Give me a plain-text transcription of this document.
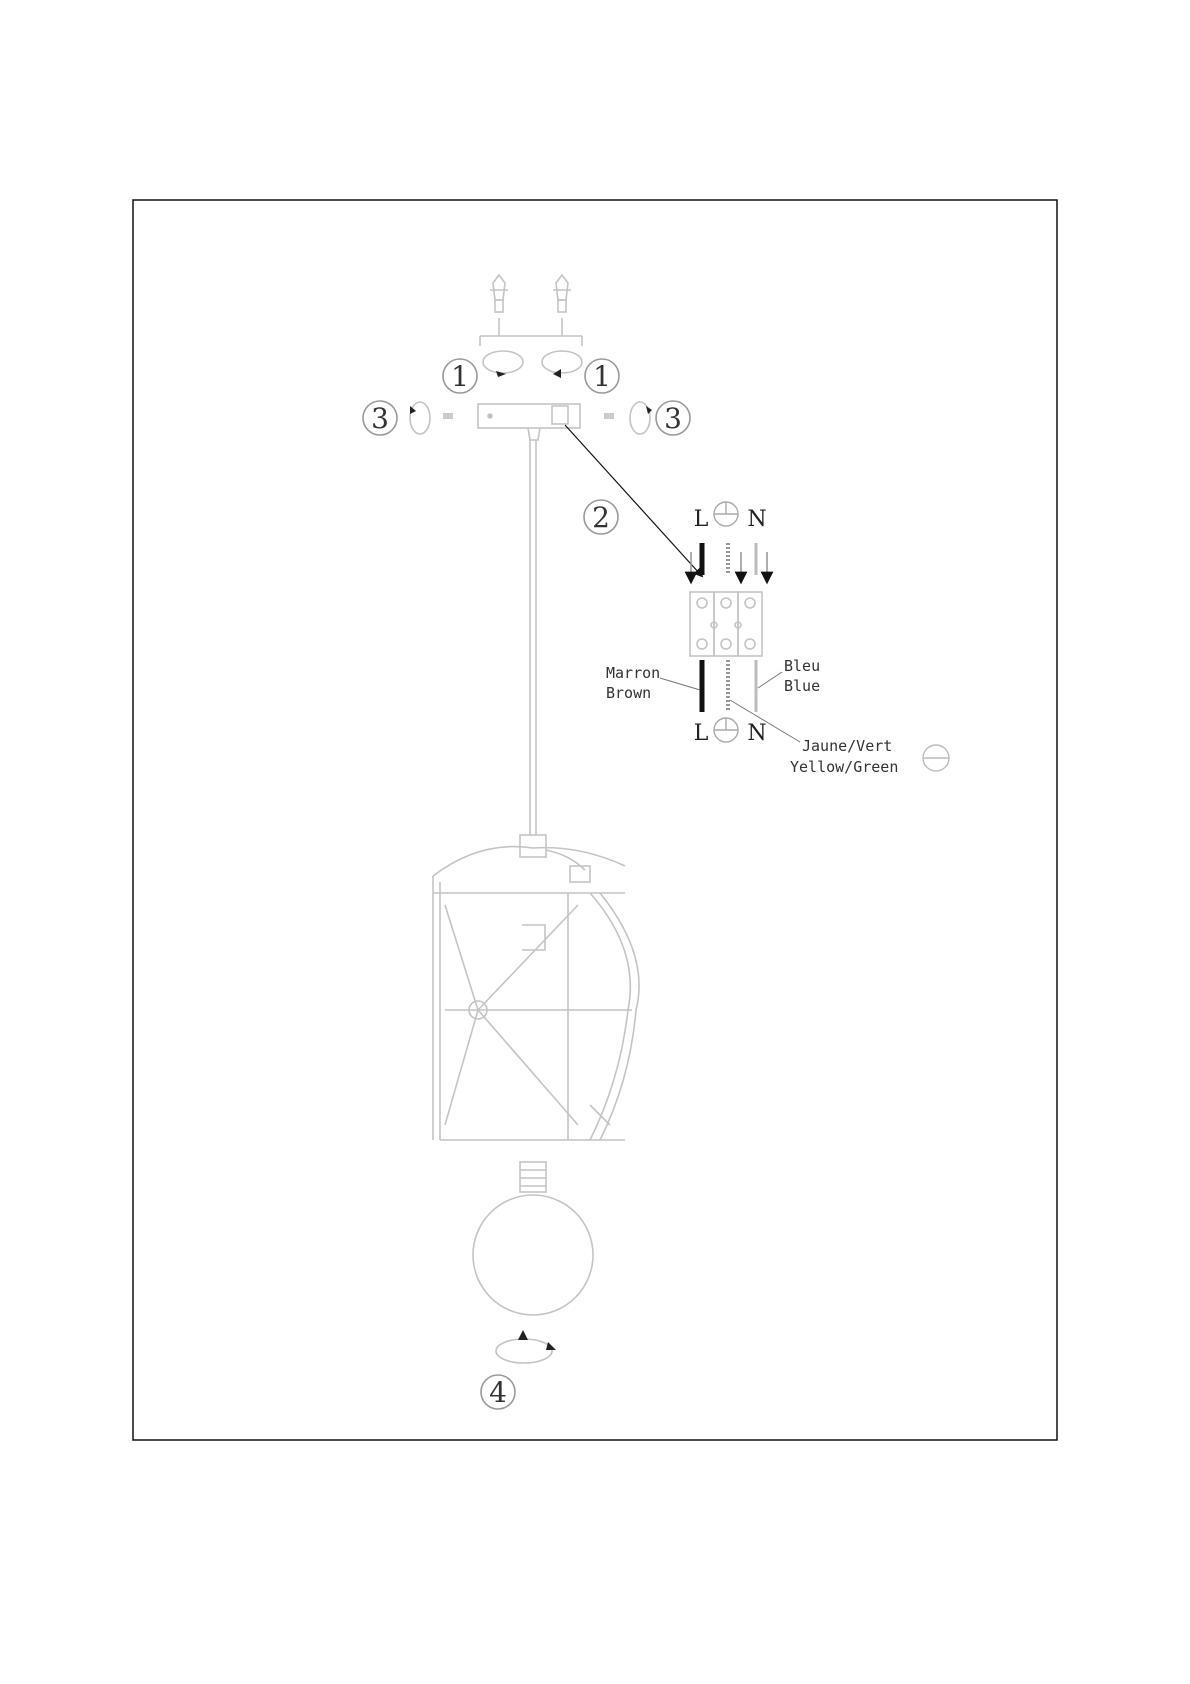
1	1
3	3
2	L N
L N
Marron
Brown
Bleu
Blue
Jaune/Vert
Yellow/Green
4
